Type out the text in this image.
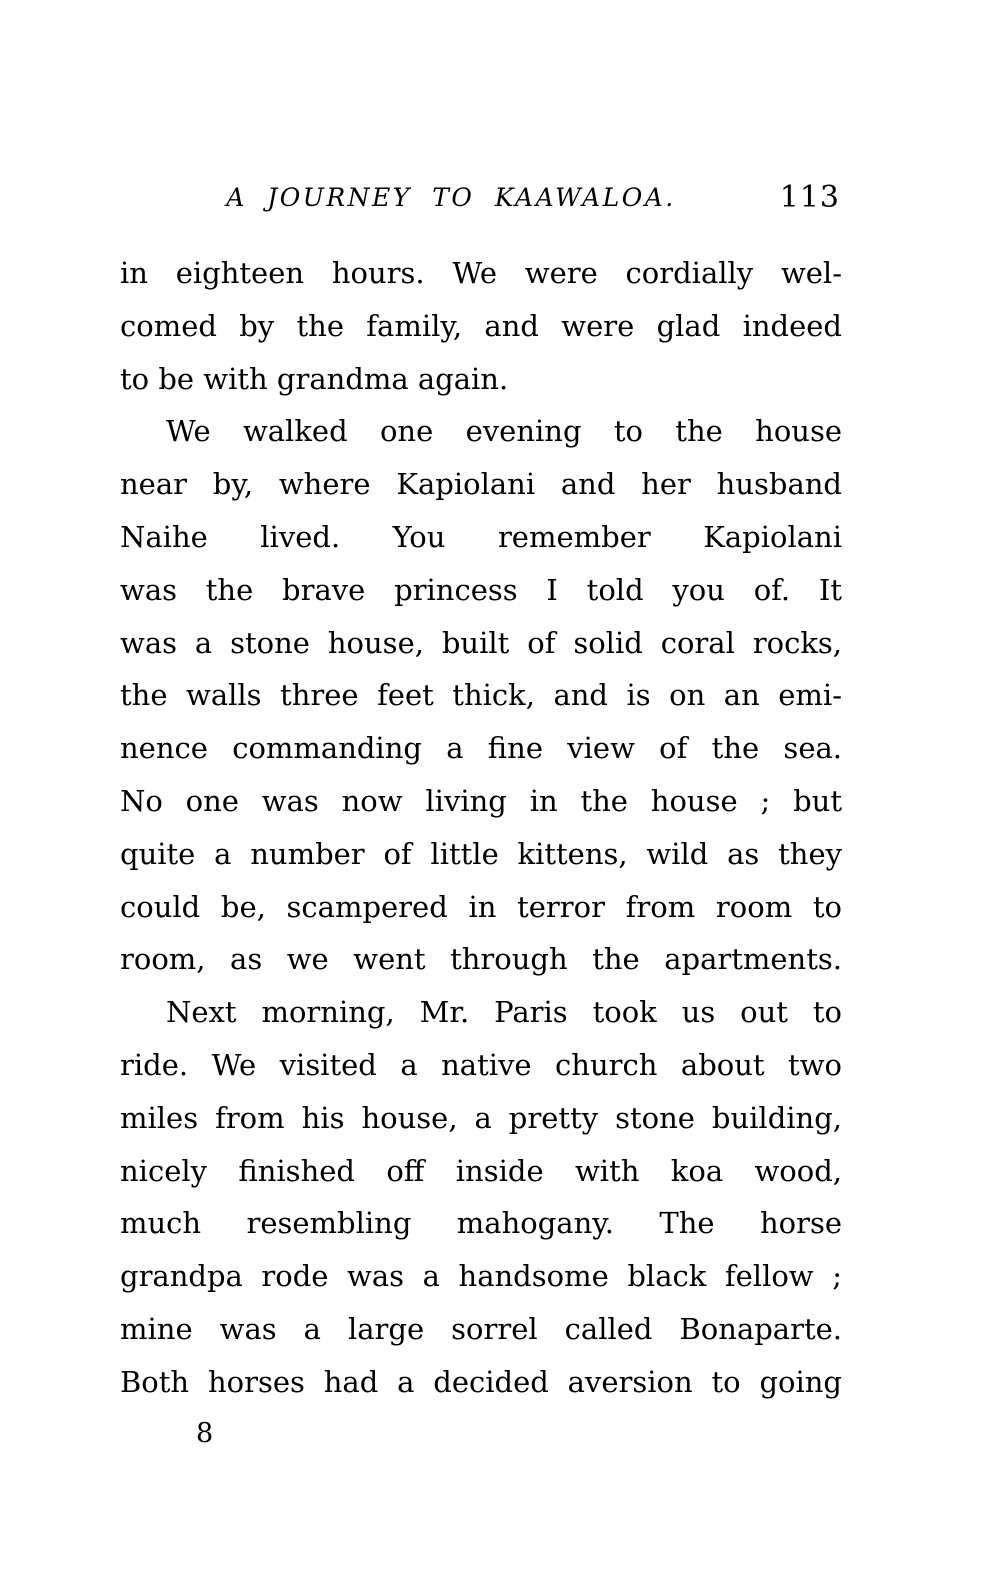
A JOURNEY TO KAAWALOA.	113
in eighteen hours. We were cordially wel-
comed by the family, and were glad indeed
to be with grandma again.
We walked one evening to the house
near by, where Kapiolani and her husband
Naihe lived. You remember Kapiolani
was the brave princess I told you of. It
was a stone house, built of solid coral rocks,
the walls three feet thick, and is on an emi-
nence commanding a fine view of the sea.
No one was now living in the house ; but
quite a number of little kittens, wild as they
could be, scampered in terror from room to
room, as we went through the apartments.
Next morning, Mr. Paris took us out to
ride. We visited a native church about two
miles from his house, a pretty stone building,
nicely finished off inside with koa wood,
much resembling mahogany. The horse
grandpa rode was a handsome black fellow ;
mine was a large sorrel called Bonaparte.
Both horses had a decided aversion to going
8
